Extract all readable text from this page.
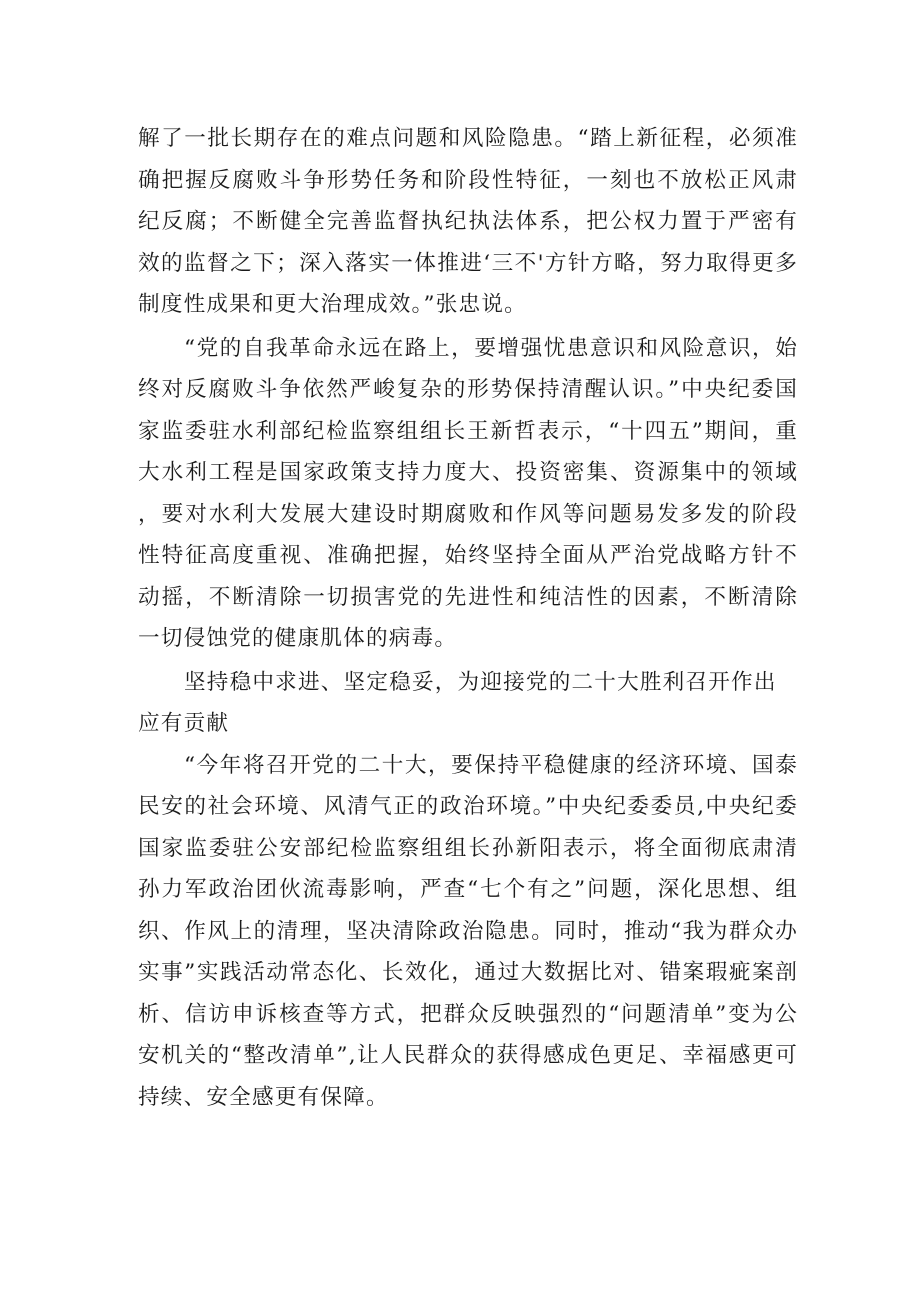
解了一批长期存在的难点问题和风险隐患。“踏上新征程，必须准确把握反腐败斗争形势任务和阶段性特征，一刻也不放松正风肃纪反腐；不断健全完善监督执纪执法体系，把公权力置于严密有效的监督之下；深入落实一体推进‘三不'方针方略，努力取得更多制度性成果和更大治理成效。”张忠说。

“党的自我革命永远在路上，要增强忧患意识和风险意识，始终对反腐败斗争依然严峻复杂的形势保持清醒认识。”中央纪委国家监委驻水利部纪检监察组组长王新哲表示，“十四五”期间，重大水利工程是国家政策支持力度大、投资密集、资源集中的领域，要对水利大发展大建设时期腐败和作风等问题易发多发的阶段性特征高度重视、准确把握，始终坚持全面从严治党战略方针不动摇，不断清除一切损害党的先进性和纯洁性的因素，不断清除一切侵蚀党的健康肌体的病毒。

坚持稳中求进、坚定稳妥，为迎接党的二十大胜利召开作出应有贡献

“今年将召开党的二十大，要保持平稳健康的经济环境、国泰民安的社会环境、风清气正的政治环境。”中央纪委委员,中央纪委国家监委驻公安部纪检监察组组长孙新阳表示，将全面彻底肃清孙力军政治团伙流毒影响，严查“七个有之”问题，深化思想、组织、作风上的清理，坚决清除政治隐患。同时，推动“我为群众办实事”实践活动常态化、长效化，通过大数据比对、错案瑕疵案剖析、信访申诉核查等方式，把群众反映强烈的“问题清单”变为公安机关的“整改清单”,让人民群众的获得感成色更足、幸福感更可持续、安全感更有保障。
